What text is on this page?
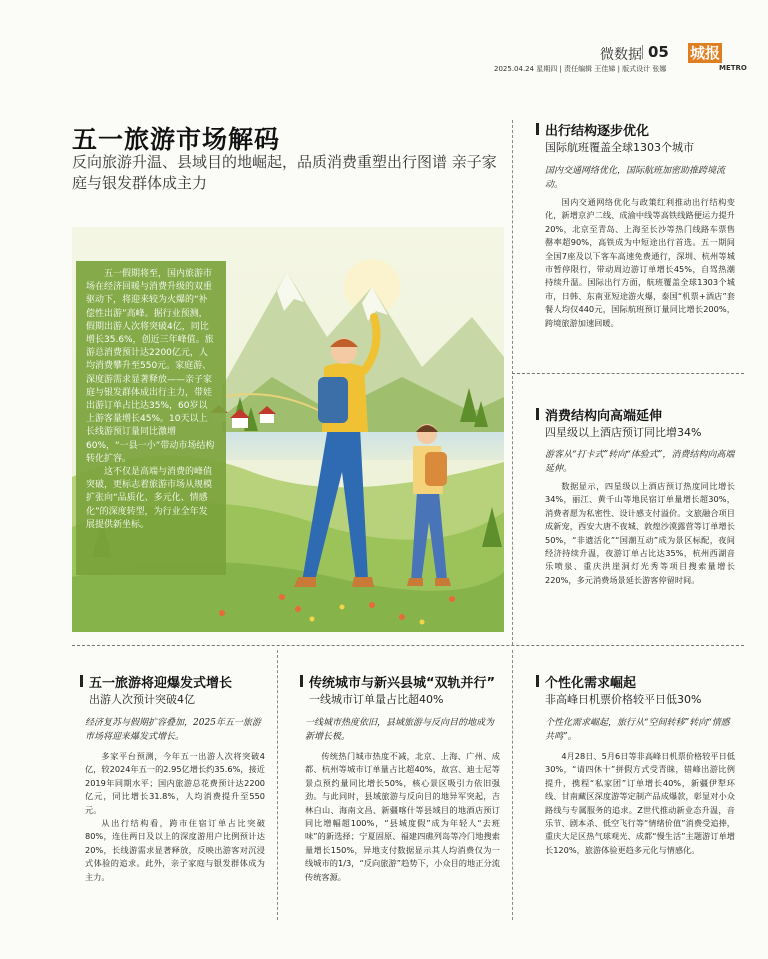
微数据 05 城报
2025.04.24 星期四 | 责任编辑 王佳娣 | 版式设计 张娜	METRO
五一旅游市场解码
反向旅游升温、县域目的地崛起，品质消费重塑出行图谱 亲子家庭与银发群体成主力

五一假期将至，国内旅游市场在经济回暖与消费升级的双重驱动下，将迎来较为火爆的“补偿性出游”高峰。据行业预测，假期出游人次将突破4亿，同比增长35.6%，创近三年峰值。旅游总消费预计达2200亿元，人均消费攀升至550元。家庭游、深度游需求显著释放——亲子家庭与银发群体成出行主力，带娃出游订单占比达35%，60岁以上游客量增长45%。10天以上长线游预订量同比激增60%，“一县一小”带动市场结构转化扩容。

这不仅是高端与消费的峰值突破，更标志着旅游市场从规模扩张向“品质化、多元化、情感化”的深度转型，为行业全年发展提供新坐标。

出行结构逐步优化
国际航班覆盖全球1303个城市
国内交通网络优化，国际航班加密助推跨境流动。

国内交通网络优化与政策红利推动出行结构变化，新增京沪二线、成渝中线等高铁线路便运力提升20%，北京至青岛、上海至长沙等热门线路车票售罄率超90%，高铁成为中短途出行首选。五一期间全国7座及以下客车高速免费通行，深圳、杭州等城市暂停限行，带动周边游订单增长45%，自驾热潮持续升温。国际出行方面，航班覆盖全球1303个城市，日韩、东南亚短途游火爆，泰国“机票+酒店”套餐人均仅440元，国际航班预订量同比增长200%，跨境旅游加速回暖。

消费结构向高端延伸
四星级以上酒店预订同比增34%
游客从“打卡式”转向“体验式”，消费结构向高端延伸。

数据显示，四星级以上酒店预订热度同比增长34%，丽江、黄千山等地民宿订单量增长超30%，消费者愿为私密性、设计感支付溢价。文旅融合项目成新宠，西安大唐不夜城、敦煌沙漠露营等订单增长50%，“非遗活化”“国潮互动”成为景区标配，夜间经济持续升温，夜游订单占比达35%，杭州西湖音乐喷泉、重庆洪崖洞灯光秀等项目搜索量增长220%，多元消费场景延长游客停留时间。

五一旅游将迎爆发式增长
出游人次预计突破4亿
经济复苏与假期扩容叠加，2025年五一旅游市场将迎来爆发式增长。

多家平台预测，今年五一出游人次将突破4亿，较2024年五一的2.95亿增长约35.6%，接近2019年同期水平；国内旅游总花费预计达2200亿元，同比增长31.8%，人均消费提升至550元。

从出行结构看，跨市住宿订单占比突破80%，连住两日及以上的深度游用户比例预计达20%，长线游需求显著释放，反映出游客对沉浸式体验的追求。此外，亲子家庭与银发群体成为主力。

传统城市与新兴县城“双轨并行”
一线城市订单量占比超40%
一线城市热度依旧，县域旅游与反向目的地成为新增长极。

传统热门城市热度不减，北京、上海、广州、成都、杭州等城市订单量占比超40%，故宫、迪士尼等景点预约量同比增长50%，核心景区吸引力依旧强劲。与此同时，县域旅游与反向目的地异军突起，吉林白山、海南文昌、新疆喀什等县域目的地酒店预订同比增幅超100%，“县城度假”成为年轻人“去班味”的新选择；宁夏固原、福建四礁列岛等冷门地搜索量增长150%，异地支付数据显示其人均消费仅为一线城市的1/3，“反向旅游”趋势下，小众目的地正分流传统客源。

个性化需求崛起
非高峰日机票价格较平日低30%
个性化需求崛起，旅行从“空间转移”转向“情感共鸣”。

4月28日、5月6日等非高峰日机票价格较平日低30%，“请四休十”拼假方式受青睐，错峰出游比例提升，携程“私家团”订单增长40%，新疆伊犁环线、甘南藏区深度游等定制产品成爆款，彰显对小众路线与专属服务的追求。Z世代推动新业态升温，音乐节、剧本杀、低空飞行等“情绪价值”消费受追捧，重庆大足区热气球观光、成都“慢生活”主题游订单增长120%，旅游体验更趋多元化与情感化。
